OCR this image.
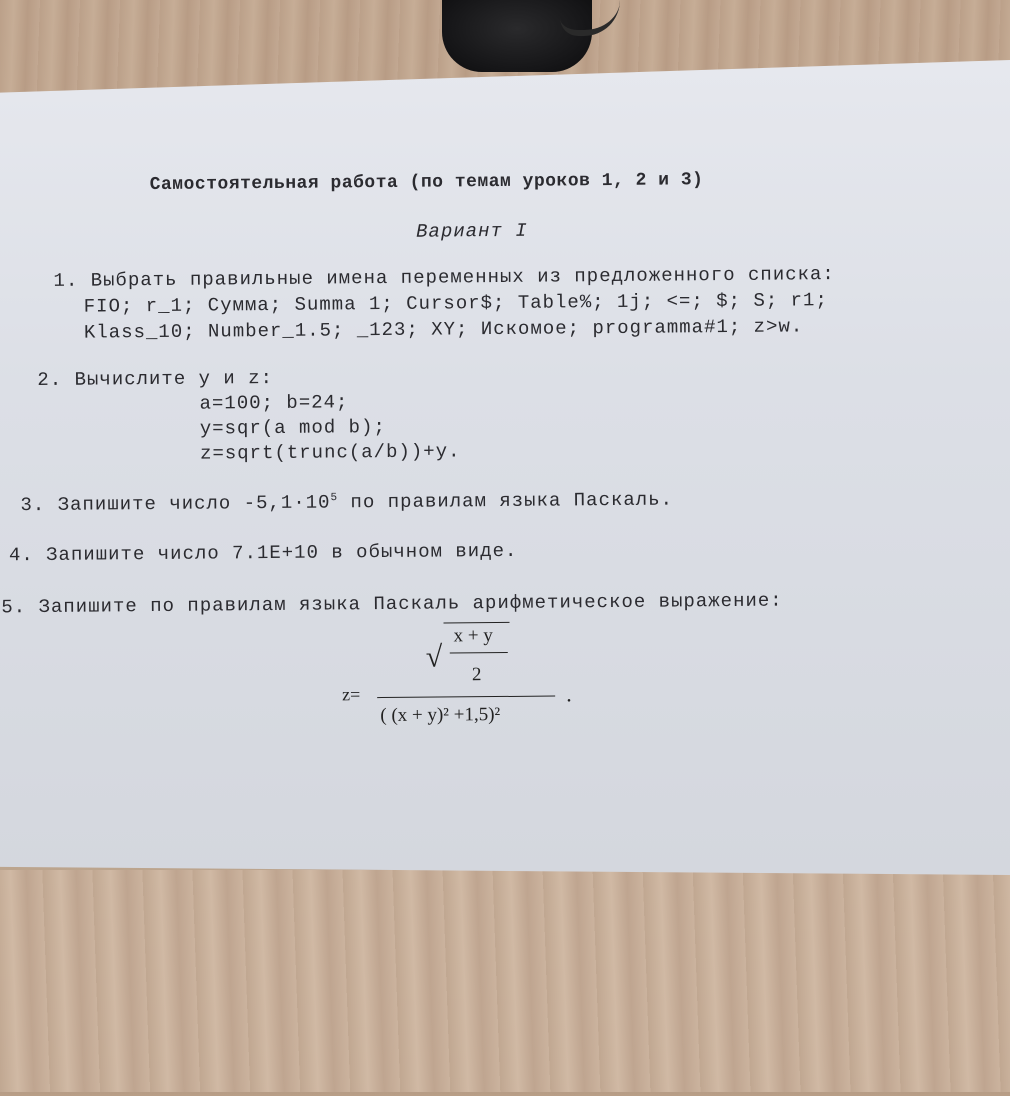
Самостоятельная работа (по темам уроков 1, 2 и 3)
Вариант I
1. Выбрать правильные имена переменных из предложенного списка:
FIO; r_1; Сумма; Summa 1; Cursor$; Table%; 1j; <=; $; S; r1;
Klass_10; Number_1.5; _123; XY; Искомое; programma#1; z>w.
2. Вычислите y и z:
a=100; b=24;
y=sqr(a mod b);
z=sqrt(trunc(a/b))+y.
3. Запишите число $-5,1\cdot 10^5$ по правилам языка Паскаль.
4. Запишите число 7.1E+10 в обычном виде.
5. Запишите по правилам языка Паскаль арифметическое выражение:
z=
√
x + y
2
( (x + y)² +1,5)²
.
